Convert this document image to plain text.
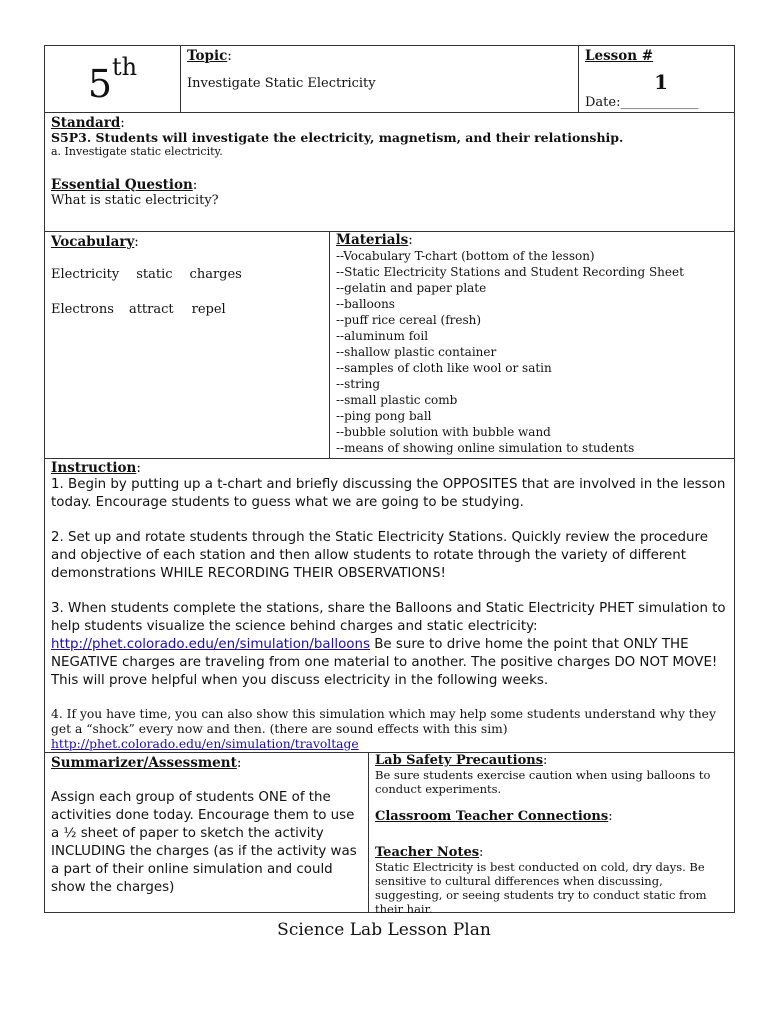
5th	Topic:
Investigate Static Electricity
Lesson #
1
Date:____________
Standard:
S5P3. Students will investigate the electricity, magnetism, and their relationship.
a. Investigate static electricity.
Essential Question:
What is static electricity?
Vocabulary:
Electricity static charges
Electrons attract repel
Materials:
--Vocabulary T-chart (bottom of the lesson)
--Static Electricity Stations and Student Recording Sheet
--gelatin and paper plate
--balloons
--puff rice cereal (fresh)
--aluminum foil
--shallow plastic container
--samples of cloth like wool or satin
--string
--small plastic comb
--ping pong ball
--bubble solution with bubble wand
--means of showing online simulation to students
Instruction:
1. Begin by putting up a t-chart and briefly discussing the OPPOSITES that are involved in the lesson today. Encourage students to guess what we are going to be studying.
2. Set up and rotate students through the Static Electricity Stations. Quickly review the procedure and objective of each station and then allow students to rotate through the variety of different demonstrations WHILE RECORDING THEIR OBSERVATIONS!
3. When students complete the stations, share the Balloons and Static Electricity PHET simulation to help students visualize the science behind charges and static electricity: http://phet.colorado.edu/en/simulation/balloons Be sure to drive home the point that ONLY THE NEGATIVE charges are traveling from one material to another. The positive charges DO NOT MOVE! This will prove helpful when you discuss electricity in the following weeks.
4. If you have time, you can also show this simulation which may help some students understand why they get a “shock” every now and then. (there are sound effects with this sim)
http://phet.colorado.edu/en/simulation/travoltage
Summarizer/Assessment:
Assign each group of students ONE of the activities done today. Encourage them to use a ½ sheet of paper to sketch the activity INCLUDING the charges (as if the activity was a part of their online simulation and could show the charges)
Lab Safety Precautions:
Be sure students exercise caution when using balloons to conduct experiments.
Classroom Teacher Connections:
Teacher Notes:
Static Electricity is best conducted on cold, dry days. Be sensitive to cultural differences when discussing, suggesting, or seeing students try to conduct static from their hair.
Science Lab Lesson Plan
